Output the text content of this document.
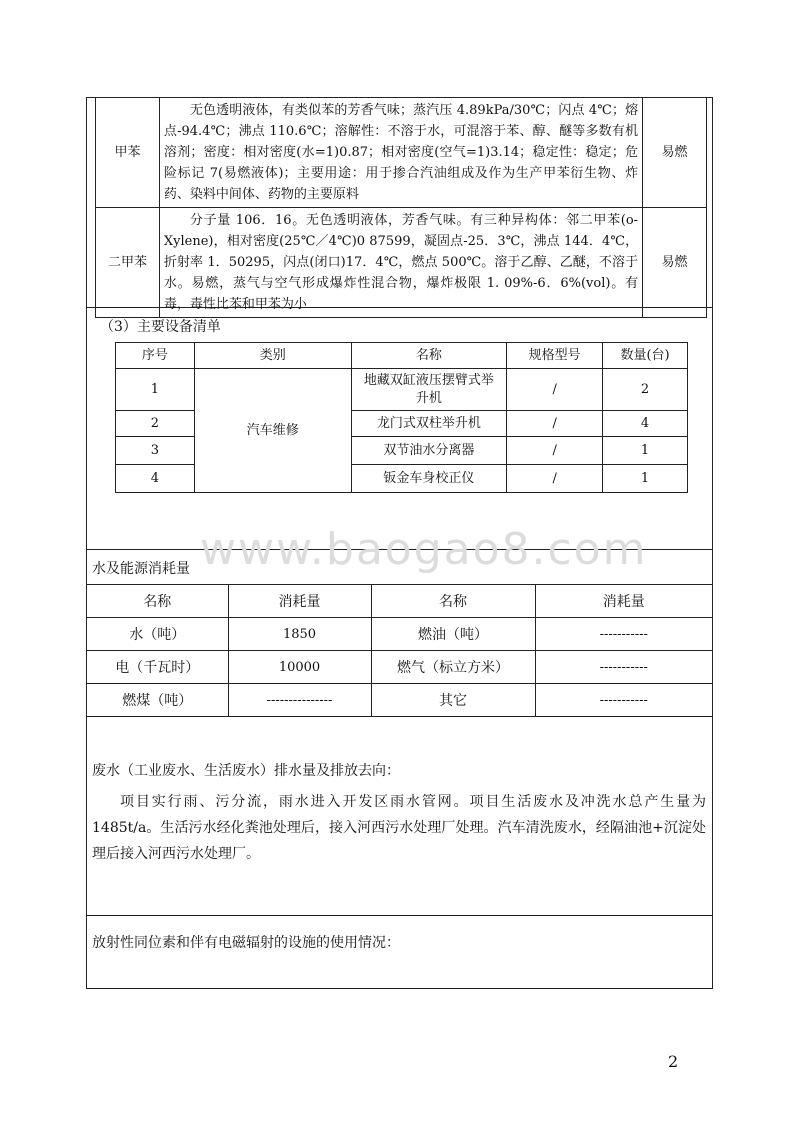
甲苯	无色透明液体，有类似苯的芳香气味；蒸汽压 4.89kPa/30℃；闪点 4℃；熔点-94.4℃；沸点 110.6℃；溶解性：不溶于水，可混溶于苯、醇、醚等多数有机溶剂；密度：相对密度(水=1)0.87；相对密度(空气=1)3.14；稳定性：稳定；危险标记 7(易燃液体)；主要用途：用于掺合汽油组成及作为生产甲苯衍生物、炸药、染料中间体、药物的主要原料	易燃
二甲苯	分子量 106．16。无色透明液体，芳香气味。有三种异构体：邻二甲苯(o-Xylene)，相对密度(25℃／4℃)0 87599，凝固点-25．3℃，沸点 144．4℃，折射率 1．50295，闪点(闭口)17．4℃，燃点 500℃。溶于乙醇、乙醚，不溶于水。易燃，蒸气与空气形成爆炸性混合物，爆炸极限 1. 09%-6．6%(vol)。有毒，毒性比苯和甲苯为小	易燃
（3）主要设备清单
序号	类别	名称	规格型号	数量(台)
1	汽车维修	地藏双缸液压摆臂式举升机	/	2
2		龙门式双柱举升机	/	4
3		双节油水分离器	/	1
4		钣金车身校正仪	/	1
www.baogao8.com
水及能源消耗量
名称	消耗量	名称	消耗量
水（吨）	1850	燃油（吨）	-----------
电（千瓦时）	10000	燃气（标立方米）	-----------
燃煤（吨）	---------------	其它	-----------
废水（工业废水、生活废水）排水量及排放去向：
项目实行雨、污分流，雨水进入开发区雨水管网。项目生活废水及冲洗水总产生量为 1485t/a。生活污水经化粪池处理后，接入河西污水处理厂处理。汽车清洗废水，经隔油池+沉淀处理后接入河西污水处理厂。
放射性同位素和伴有电磁辐射的设施的使用情况：
2
